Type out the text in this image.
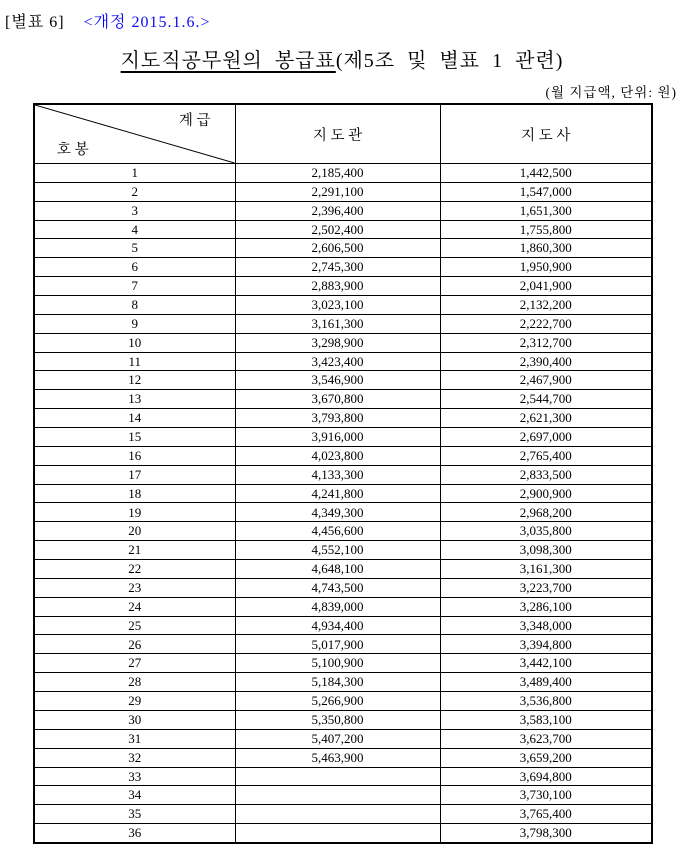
[별표 6] <개정 2015.1.6.>
지도직공무원의 봉급표(제5조 및 별표 1 관련)
(월 지급액, 단위: 원)
계 급
호 봉	지 도 관	지 도 사
1	2,185,400	1,442,500
2	2,291,100	1,547,000
3	2,396,400	1,651,300
4	2,502,400	1,755,800
5	2,606,500	1,860,300
6	2,745,300	1,950,900
7	2,883,900	2,041,900
8	3,023,100	2,132,200
9	3,161,300	2,222,700
10	3,298,900	2,312,700
11	3,423,400	2,390,400
12	3,546,900	2,467,900
13	3,670,800	2,544,700
14	3,793,800	2,621,300
15	3,916,000	2,697,000
16	4,023,800	2,765,400
17	4,133,300	2,833,500
18	4,241,800	2,900,900
19	4,349,300	2,968,200
20	4,456,600	3,035,800
21	4,552,100	3,098,300
22	4,648,100	3,161,300
23	4,743,500	3,223,700
24	4,839,000	3,286,100
25	4,934,400	3,348,000
26	5,017,900	3,394,800
27	5,100,900	3,442,100
28	5,184,300	3,489,400
29	5,266,900	3,536,800
30	5,350,800	3,583,100
31	5,407,200	3,623,700
32	5,463,900	3,659,200
33		3,694,800
34		3,730,100
35		3,765,400
36		3,798,300
